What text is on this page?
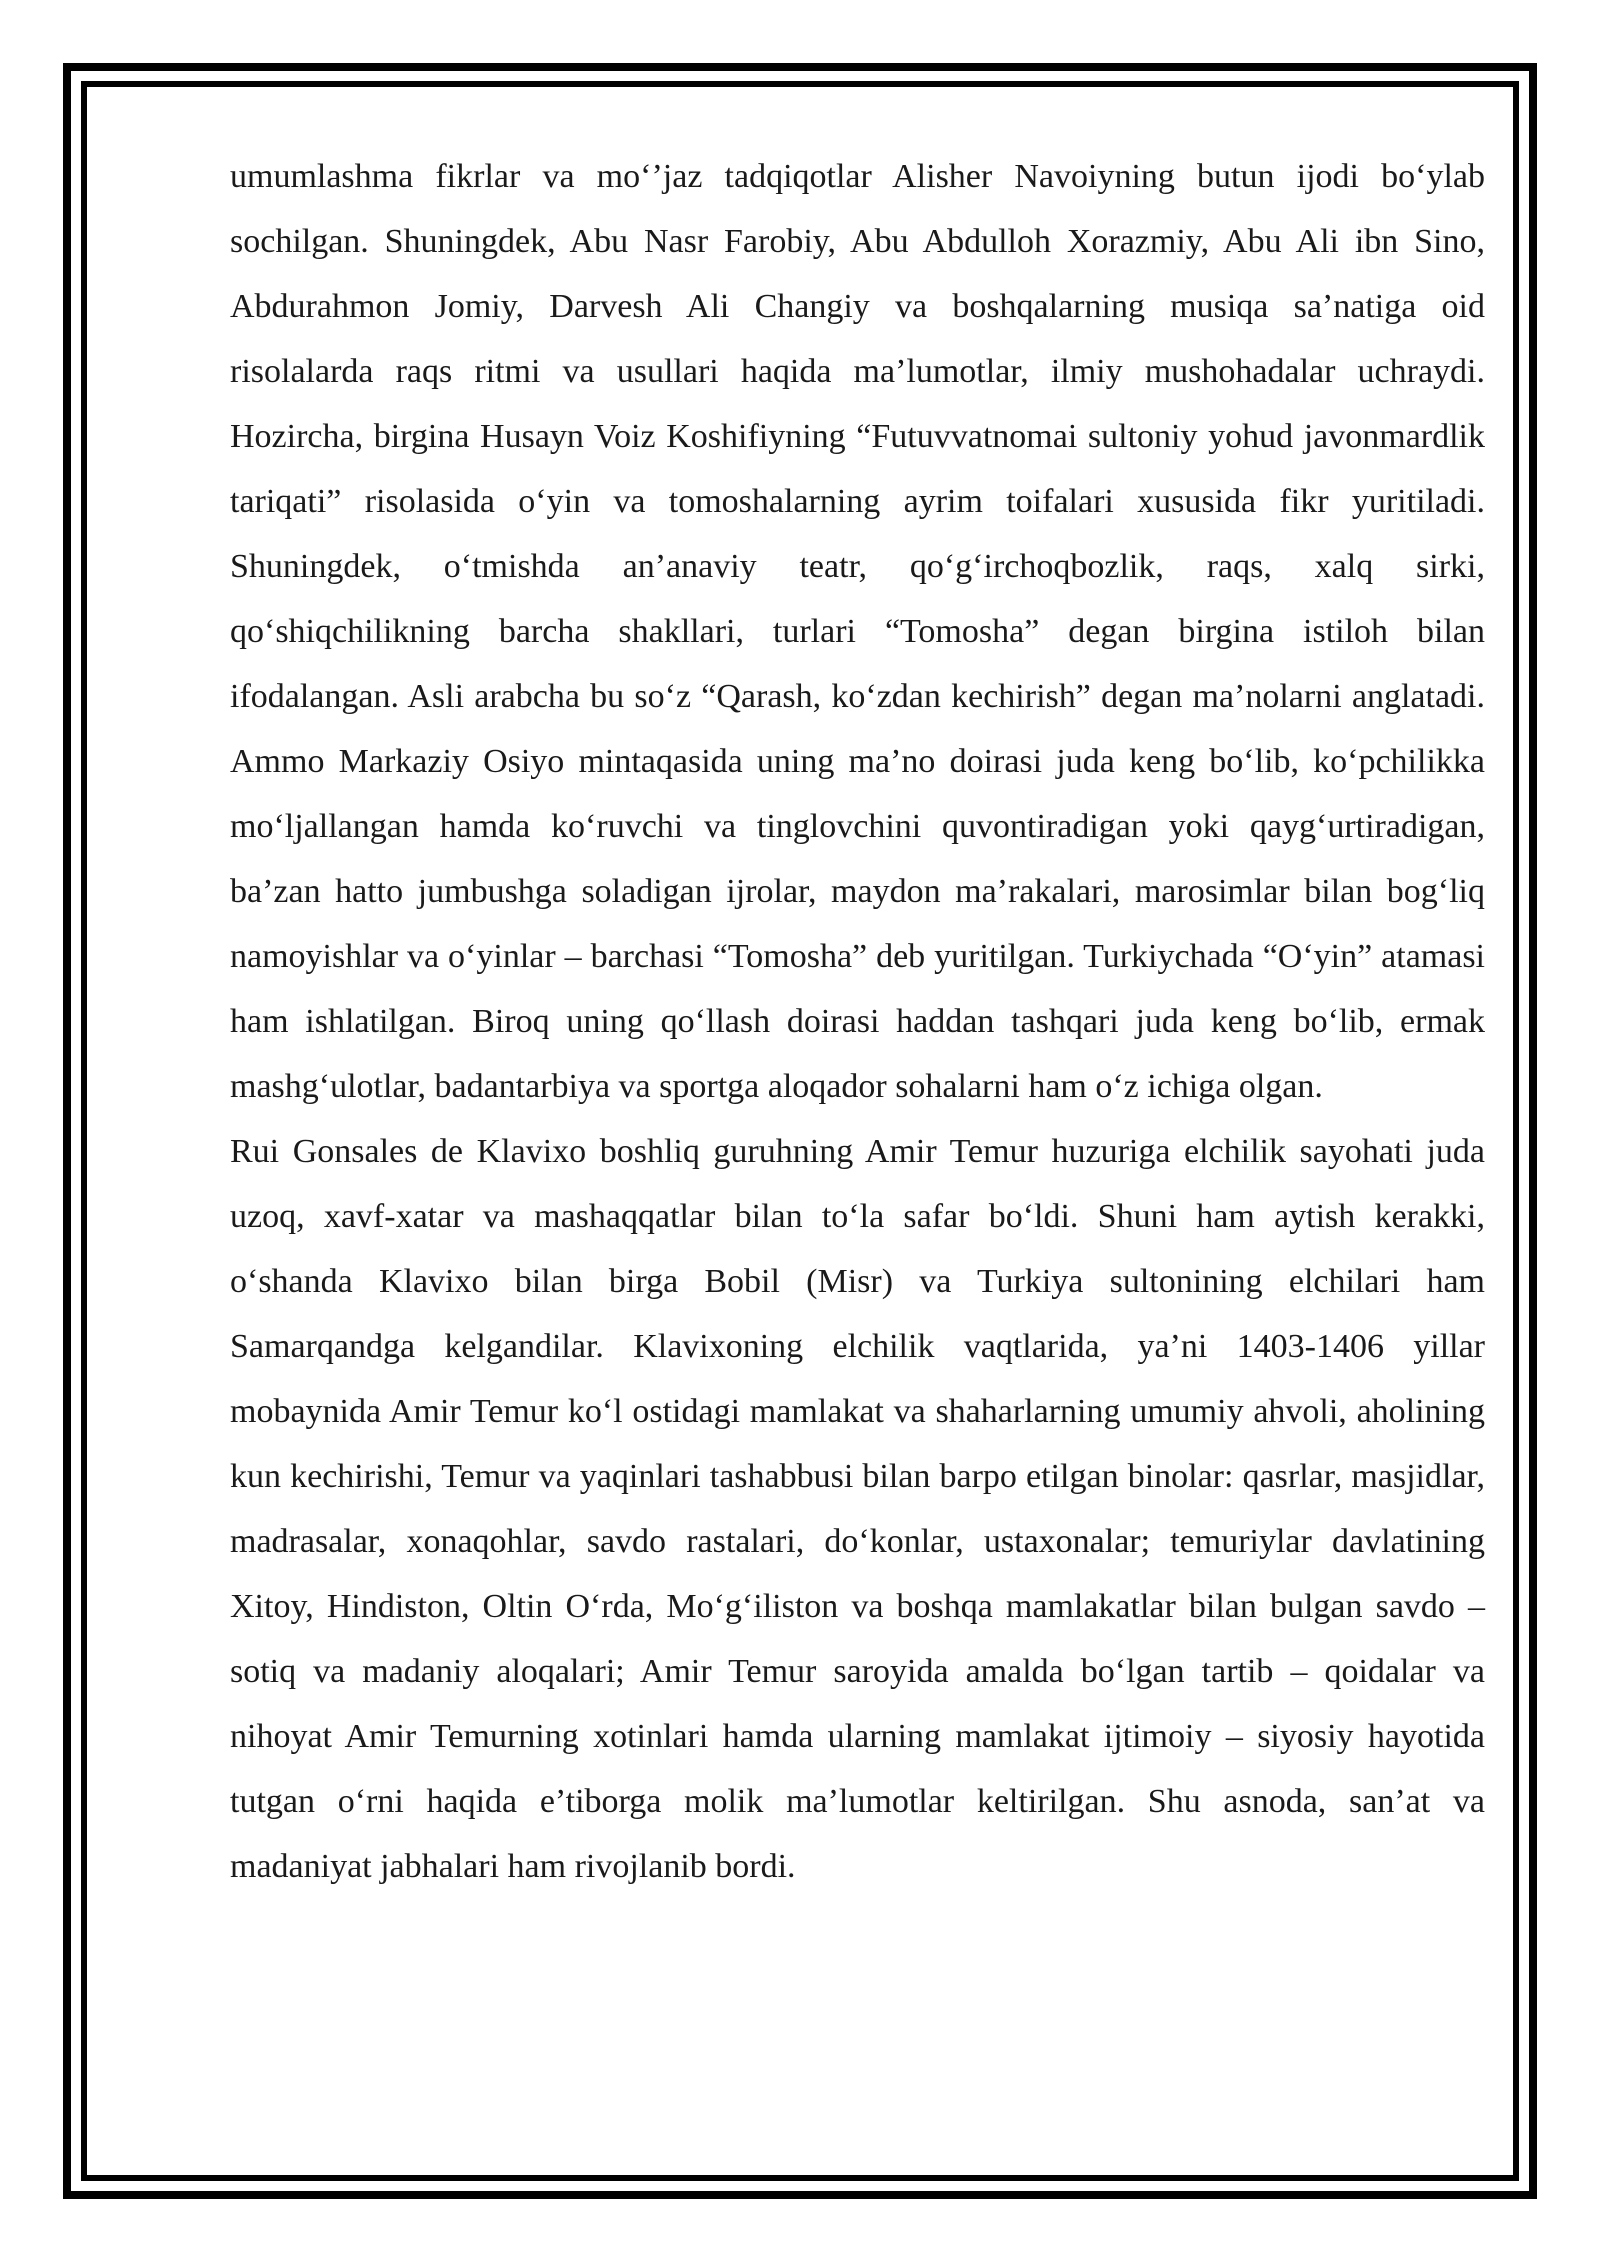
umumlashma fikrlar va mo‘’jaz tadqiqotlar Alisher Navoiyning butun ijodi bo‘ylab sochilgan. Shuningdek, Abu Nasr Farobiy, Abu Abdulloh Xorazmiy, Abu Ali ibn Sino, Abdurahmon Jomiy, Darvesh Ali Changiy va boshqalarning musiqa sa’natiga oid risolalarda raqs ritmi va usullari haqida ma’lumotlar, ilmiy mushohadalar uchraydi. Hozircha, birgina Husayn Voiz Koshifiyning “Futuvvatnomai sultoniy yohud javonmardlik tariqati” risolasida o‘yin va tomoshalarning ayrim toifalari xususida fikr yuritiladi. Shuningdek, o‘tmishda an’anaviy teatr, qo‘g‘irchoqbozlik, raqs, xalq sirki, qo‘shiqchilikning barcha shakllari, turlari “Tomosha” degan birgina istiloh bilan ifodalangan. Asli arabcha bu so‘z “Qarash, ko‘zdan kechirish” degan ma’nolarni anglatadi. Ammo Markaziy Osiyo mintaqasida uning ma’no doirasi juda keng bo‘lib, ko‘pchilikka mo‘ljallangan hamda ko‘ruvchi va tinglovchini quvontiradigan yoki qayg‘urtiradigan, ba’zan hatto jumbushga soladigan ijrolar, maydon ma’rakalari, marosimlar bilan bog‘liq namoyishlar va o‘yinlar – barchasi “Tomosha” deb yuritilgan. Turkiychada “O‘yin” atamasi ham ishlatilgan. Biroq uning qo‘llash doirasi haddan tashqari juda keng bo‘lib, ermak mashg‘ulotlar, badantarbiya va sportga aloqador sohalarni ham o‘z ichiga olgan.

Rui Gonsales de Klavixo boshliq guruhning Amir Temur huzuriga elchilik sayohati juda uzoq, xavf-xatar va mashaqqatlar bilan to‘la safar bo‘ldi. Shuni ham aytish kerakki, o‘shanda Klavixo bilan birga Bobil (Misr) va Turkiya sultonining elchilari ham Samarqandga kelgandilar. Klavixoning elchilik vaqtlarida, ya’ni 1403-1406 yillar mobaynida Amir Temur ko‘l ostidagi mamlakat va shaharlarning umumiy ahvoli, aholining kun kechirishi, Temur va yaqinlari tashabbusi bilan barpo etilgan binolar: qasrlar, masjidlar, madrasalar, xonaqohlar, savdo rastalari, do‘konlar, ustaxonalar; temuriylar davlatining Xitoy, Hindiston, Oltin O‘rda, Mo‘g‘iliston va boshqa mamlakatlar bilan bulgan savdo – sotiq va madaniy aloqalari; Amir Temur saroyida amalda bo‘lgan tartib – qoidalar va nihoyat Amir Temurning xotinlari hamda ularning mamlakat ijtimoiy – siyosiy hayotida tutgan o‘rni haqida e’tiborga molik ma’lumotlar keltirilgan. Shu asnoda, san’at va madaniyat jabhalari ham rivojlanib bordi.
